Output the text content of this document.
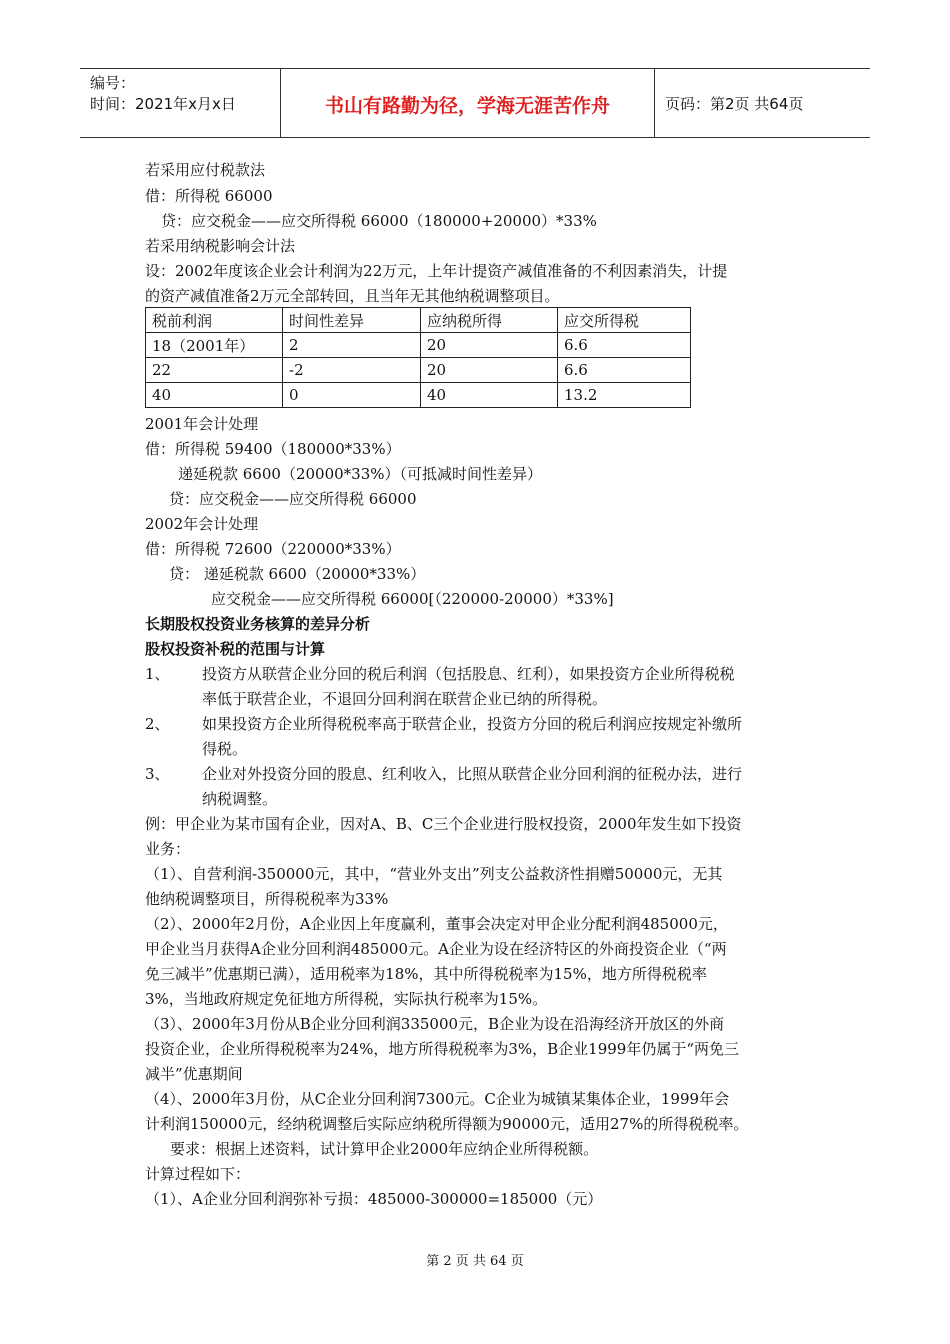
编号：
时间：2021年x月x日	书山有路勤为径，学海无涯苦作舟	页码：第2页 共64页
若采用应付税款法
借：所得税 66000
贷：应交税金——应交所得税 66000（180000+20000）*33%
若采用纳税影响会计法
设：2002年度该企业会计利润为22万元，上年计提资产减值准备的不利因素消失，计提
的资产减值准备2万元全部转回，且当年无其他纳税调整项目。
税前利润	时间性差异	应纳税所得	应交所得税
18（2001年）	2	20	6.6
22	-2	20	6.6
40	0	40	13.2
2001年会计处理
借：所得税 59400（180000*33%）
递延税款 6600（20000*33%）（可抵减时间性差异）
贷：应交税金——应交所得税 66000
2002年会计处理
借：所得税 72600（220000*33%）
贷： 递延税款 6600（20000*33%）
应交税金——应交所得税 66000[（220000-20000）*33%]
长期股权投资业务核算的差异分析
股权投资补税的范围与计算
1、 投资方从联营企业分回的税后利润（包括股息、红利），如果投资方企业所得税税
率低于联营企业，不退回分回利润在联营企业已纳的所得税。
2、 如果投资方企业所得税税率高于联营企业，投资方分回的税后利润应按规定补缴所
得税。
3、 企业对外投资分回的股息、红利收入，比照从联营企业分回利润的征税办法，进行
纳税调整。
例：甲企业为某市国有企业，因对A、B、C三个企业进行股权投资，2000年发生如下投资
业务：
（1）、自营利润-350000元，其中，“营业外支出”列支公益救济性捐赠50000元，无其
他纳税调整项目，所得税税率为33%
（2）、2000年2月份，A企业因上年度赢利，董事会决定对甲企业分配利润485000元，
甲企业当月获得A企业分回利润485000元。A企业为设在经济特区的外商投资企业（“两
免三减半”优惠期已满），适用税率为18%，其中所得税税率为15%，地方所得税税率
3%，当地政府规定免征地方所得税，实际执行税率为15%。
（3）、2000年3月份从B企业分回利润335000元，B企业为设在沿海经济开放区的外商
投资企业，企业所得税税率为24%，地方所得税税率为3%，B企业1999年仍属于“两免三
减半”优惠期间
（4）、2000年3月份，从C企业分回利润7300元。C企业为城镇某集体企业，1999年会
计利润150000元，经纳税调整后实际应纳税所得额为90000元，适用27%的所得税税率。
要求：根据上述资料，试计算甲企业2000年应纳企业所得税额。
计算过程如下：
（1）、A企业分回利润弥补亏损：485000-300000=185000（元）
第 2 页 共 64 页
